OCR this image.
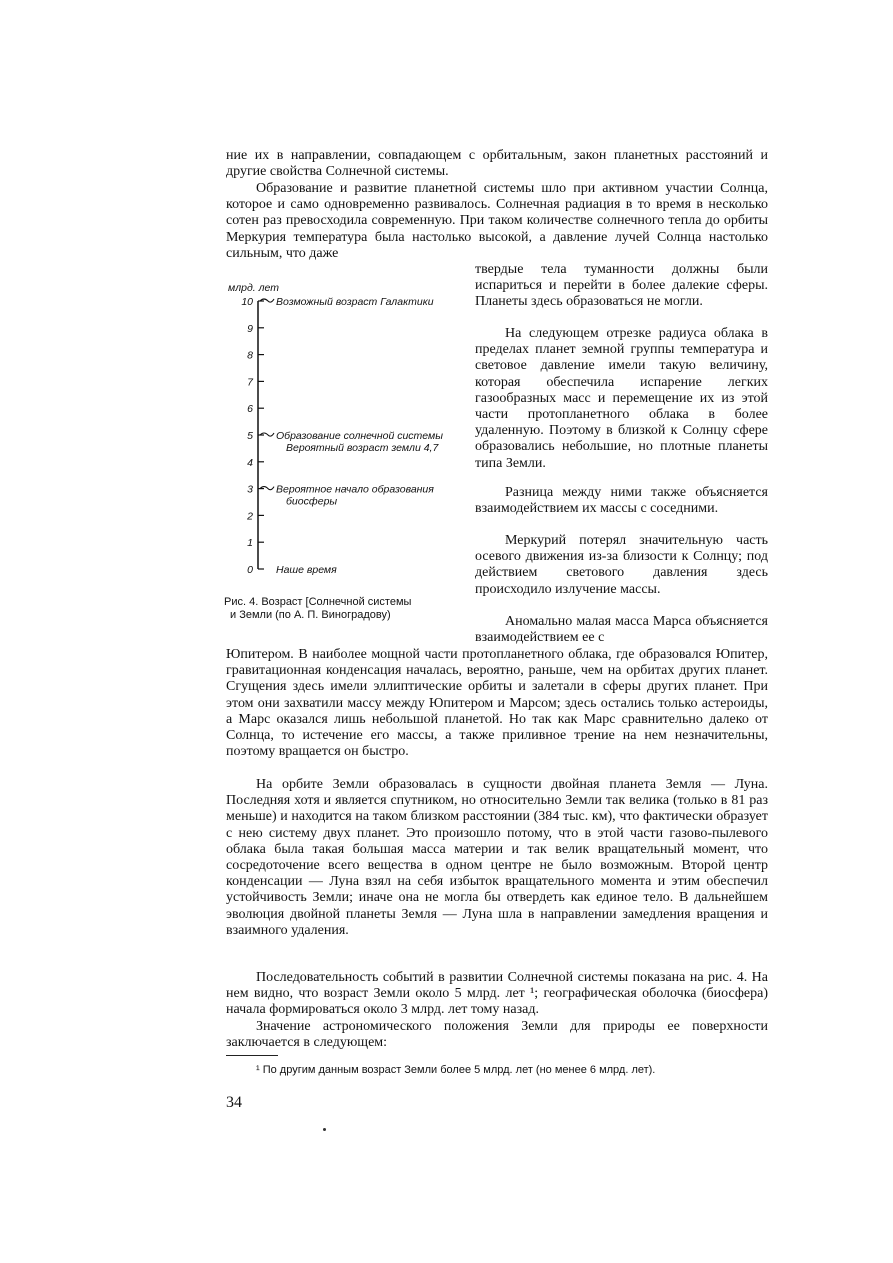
ние их в направлении, совпадающем с орбитальным, закон планетных расстояний и другие свойства Солнечной системы.

Образование и развитие планетной системы шло при активном участии Солнца, которое и само одновременно развивалось. Солнечная радиация в то время в несколько сотен раз превосходила современную. При таком количестве солнечного тепла до орбиты Меркурия температура была настолько высокой, а давление лучей Солнца настолько сильным, что даже

твердые тела туманности должны были испариться и перейти в более далекие сферы. Планеты здесь образоваться не могли.

На следующем отрезке радиуса облака в пределах планет земной группы температура и световое давление имели такую величину, которая обеспечила испарение легких газообразных масс и перемещение их из этой части протопланетного облака в более удаленную. Поэтому в близкой к Солнцу сфере образовались небольшие, но плотные планеты типа Земли.

Разница между ними также объясняется взаимодействием их массы с соседними.

Меркурий потерял значительную часть осевого движения из-за близости к Солнцу; под действием светового давления здесь происходило излучение массы.

Аномально малая масса Марса объясняется взаимодействием ее с

млрд. лет
10
9
8
7
6
5
4
3
2
1
0
Возможный возраст Галактики
Образование солнечной системы
Вероятный возраст земли 4,7
Вероятное начало образования
биосферы
Наше время
Рис. 4. Возраст [Солнечной системы
и Земли (по А. П. Виноградову)

Юпитером. В наиболее мощной части протопланетного облака, где образовался Юпитер, гравитационная конденсация началась, вероятно, раньше, чем на орбитах других планет. Сгущения здесь имели эллиптические орбиты и залетали в сферы других планет. При этом они захватили массу между Юпитером и Марсом; здесь остались только астероиды, а Марс оказался лишь небольшой планетой. Но так как Марс сравнительно далеко от Солнца, то истечение его массы, а также приливное трение на нем незначительны, поэтому вращается он быстро.

На орбите Земли образовалась в сущности двойная планета Земля — Луна. Последняя хотя и является спутником, но относительно Земли так велика (только в 81 раз меньше) и находится на таком близком расстоянии (384 тыс. км), что фактически образует с нею систему двух планет. Это произошло потому, что в этой части газово-пылевого облака была такая большая масса материи и так велик вращательный момент, что сосредоточение всего вещества в одном центре не было возможным. Второй центр конденсации — Луна взял на себя избыток вращательного момента и этим обеспечил устойчивость Земли; иначе она не могла бы отвердеть как единое тело. В дальнейшем эволюция двойной планеты Земля — Луна шла в направлении замедления вращения и взаимного удаления.

Последовательность событий в развитии Солнечной системы показана на рис. 4. На нем видно, что возраст Земли около 5 млрд. лет ¹; географическая оболочка (биосфера) начала формироваться около 3 млрд. лет тому назад.

Значение астрономического положения Земли для природы ее поверхности заключается в следующем:

¹ По другим данным возраст Земли более 5 млрд. лет (но менее 6 млрд. лет).
34
